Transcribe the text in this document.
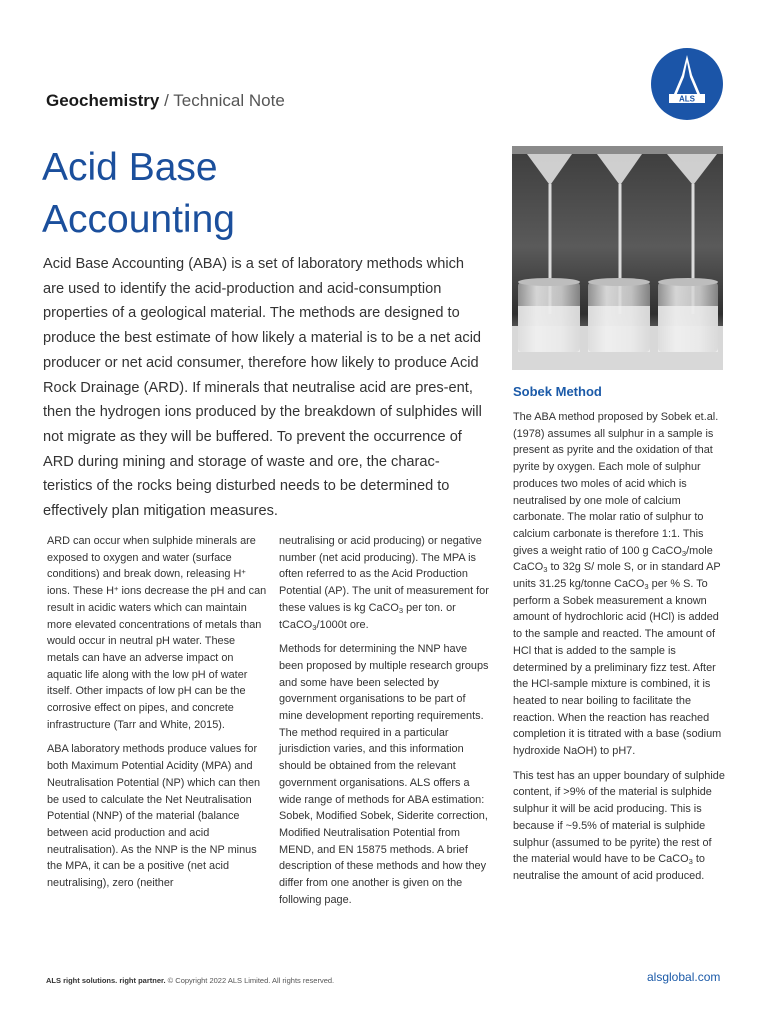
Geochemistry / Technical Note	ALS
Acid Base
Accounting

Acid Base Accounting (ABA) is a set of laboratory methods which are used to identify the acid-production and acid-consumption properties of a geological material. The methods are designed to produce the best estimate of how likely a material is to be a net acid producer or net acid consumer, therefore how likely to produce Acid Rock Drainage (ARD). If minerals that neutralise acid are pres-ent, then the hydrogen ions produced by the breakdown of sulphides will not migrate as they will be buffered. To prevent the occurrence of ARD during mining and storage of waste and ore, the charac-teristics of the rocks being disturbed needs to be determined to effectively plan mitigation measures.

Sobek Method

ARD can occur when sulphide minerals are exposed to oxygen and water (surface conditions) and break down, releasing H+ ions. These H+ ions decrease the pH and can result in acidic waters which can maintain more elevated concentrations of metals than would occur in neutral pH water. These metals can have an adverse impact on aquatic life along with the low pH of water itself. Other impacts of low pH can be the corrosive effect on pipes, and concrete infrastructure (Tarr and White, 2015).

ABA laboratory methods produce values for both Maximum Potential Acidity (MPA) and Neutralisation Potential (NP) which can then be used to calculate the Net Neutralisation Potential (NNP) of the material (balance between acid production and acid neutralisation). As the NNP is the NP minus the MPA, it can be a positive (net acid neutralising), zero (neither

neutralising or acid producing) or negative number (net acid producing). The MPA is often referred to as the Acid Production Potential (AP). The unit of measurement for these values is kg CaCO$_3$ per ton. or tCaCO$_3$/1000t ore.

Methods for determining the NNP have been proposed by multiple research groups and some have been selected by government organisations to be part of mine development reporting requirements. The method required in a particular jurisdiction varies, and this information should be obtained from the relevant government organisations. ALS offers a wide range of methods for ABA estimation: Sobek, Modified Sobek, Siderite correction, Modified Neutralisation Potential from MEND, and EN 15875 methods. A brief description of these methods and how they differ from one another is given on the following page.

The ABA method proposed by Sobek et.al. (1978) assumes all sulphur in a sample is present as pyrite and the oxidation of that pyrite by oxygen. Each mole of sulphur produces two moles of acid which is neutralised by one mole of calcium carbonate. The molar ratio of sulphur to calcium carbonate is therefore 1:1. This gives a weight ratio of 100 g CaCO$_3$/mole CaCO$_3$ to 32g S/ mole S, or in standard AP units 31.25 kg/tonne CaCO$_3$ per % S. To perform a Sobek measurement a known amount of hydrochloric acid (HCl) is added to the sample and reacted. The amount of HCl that is added to the sample is determined by a preliminary fizz test. After the HCl-sample mixture is combined, it is heated to near boiling to facilitate the reaction. When the reaction has reached completion it is titrated with a base (sodium hydroxide NaOH) to pH7.

This test has an upper boundary of sulphide content, if >9% of the material is sulphide sulphur it will be acid producing. This is because if ~9.5% of material is sulphide sulphur (assumed to be pyrite) the rest of the material would have to be CaCO$_3$ to neutralise the amount of acid produced.

ALS right solutions. right partner. © Copyright 2022 ALS Limited. All rights reserved.	alsglobal.com
